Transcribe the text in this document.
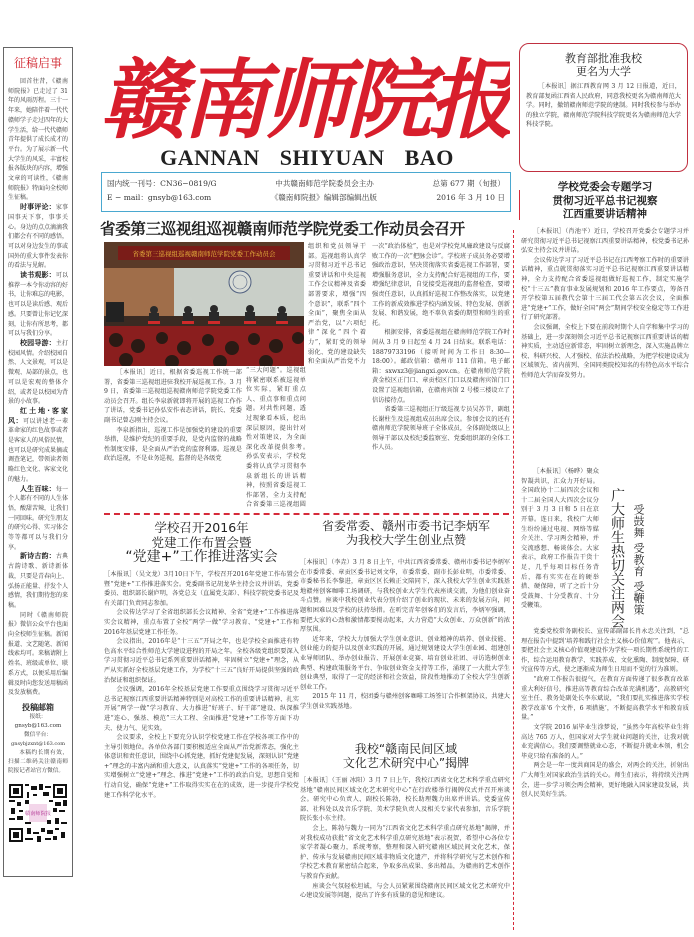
征稿启事

回首往昔，《赣南师院报》已走过了 31 年的风雨历程。三十一年来，她陪伴着一代代赣师学子走过四年的大学生活，给一代代赣师青年提供了成长成才的平台。为了展示新一代大学生的风采，丰富校报各版块的内容，增强文章的可读性，《赣南师院报》特面向全校师生征稿。

时事评论：家事国事天下事，事事关心。身边的点点滴滴我们都会有不同的感悟，可以对身边发生的事或国外的重大事件发表你的看法与见解。

读书观影：可以推荐一本令你动容的好书，让你难忘的电影，也可以是读后感、观后感。只要曾让你记忆深刻，让你有所思考，都可以与我们分享。

校园导游：主打校园风情。介绍校园自然、人文景观，可以是微观、局部的景点，也可以是宏观的整体介绍，或者是以校园为背景的小故事。

红土地·客家风：可以讲述老一辈革命家的红色故事或者是客家人的风俗民情，也可以是研究成果摘或调查笔记，带领读者领略红色文化、客家文化的魅力。

人生百味：每一个人都有不同的人生体悟，酸甜苦辣，让我们一同回味。研究生朋友的研究心得、实习体会等等都可以与我们分享。

新诗古韵：古典古韵诗歌、新诗新体裁，只要是青春向上、弘扬正能量、抒发个人感情，我们期待您的来稿。

同时《赣南师院报》微信公众平台也面向全校师生征稿。新闻报道、文艺随笔、新闻线索均可。来稿请附上姓名、班级或单位、联系方式，以便采用后编辑及时向您发送用稿函及发放稿费。

投稿邮箱
报纸：
gnsyb@163.com
微信平台：
gnsybjzxnt@163.com

本稿约长期有效，扫描二维码关注赣南师院报记者站官方微信。

赣南师院报
赣南师院报
GANNAN SHIYUAN BAO
国内统一刊号：CN36−0819/G	中共赣南师范学院委员会主办	总第 677 期（旬报）
E − mail：gnsyb@163.com	《赣南师院报》编辑部编辑出版	2016 年 3 月 10 日
省委第三巡视组巡视赣南师范学院党委工作动员会召开
省委第三巡视组巡视赣南师范学院党委工作动员会

组织和党员领导干部。巡视组将认真学习贯彻习近平总书记重要讲话和中央巡视工作会议精神及省委部署要求，增强“四个意识”，联系“四个全面”，聚焦全面从严治党，以“六项纪律”深化“四个着力”，紧盯党的领导弱化、党的建设缺失和全面从严治党不力

［本报讯］近日，根据省委巡视工作统一部署，省委第三巡视组进驻我校开展巡视工作。3 月 9 日，省委第三巡视组巡视赣南师范学院党委工作动员会召开。组长李泉新就即将开展的巡视工作作了讲话，党委书记孙弘安作表态讲话，院长、党委副书记曾志刚主持会议。

李泉新指出，巡视工作是加强党的建设的重要举措，是维护党纪的重要手段，是党内监督的战略性制度安排，是全面从严治党的监督利器。巡视是政治巡视，不是业务巡视，监督的是各级党

“三大问题”。巡视组将紧密联系被巡视单位实际，紧盯重点人、重点事和重点问题。对共性问题，透过现象看本质，挖出深层原因，提出针对性对策建议，为全面深化改革提供参考。　孙弘安表示，学校党委将认真学习贯彻李泉新组长的讲话精神，按照省委巡视工作部署，全力支持配合省委第三巡视组圆

一次“政治体检”，也是对学校党风廉政建设与反腐败工作的一次“把脉会诊”。学校班子成员务必要增强政治意识，坚决贯彻落实省委巡视工作部署，要增强服务意识，全力支持配合好巡视组的工作，要增强纪律意识，自觉接受巡视组的监督检查，要增强责任意识，认真抓好巡视工作整改落实，以党建工作的新成效推进学校内涵发展、特色发展、创新发展、和谐发展，绝不辜负省委的期望和师生的重托。

根据安排，省委巡视组在赣南师范学院工作时间从 3 月 9 日起至 4 月 24 日结束。联系电话：18879733196（接听时间为工作日 8:30—18:00）。邮政信箱：赣州市 111 信箱。电子邮箱：sxwxz3@jiangxi.gov.cn。在赣南师范学院黄金校区正门口、章贡校区门口以及赣南宾馆门口设置了巡视组信箱，在赣南宾馆 2 号楼三楼设立了信访接待点。

省委第三巡视组正厅级巡视专员吴苏节，副组长谢柱生及巡视组成员出席会议。参加会议的还有赣南师范学院领导班子全体成员，全体副处级以上领导干部以及校纪委监察室、党委组织部的全体工作人员。

学校召开2016年
党建工作布置会暨
“党建+”工作推进落实会

［本报讯］（吴文龙）3月10日下午，学校召开2016年党建工作布置会暨“党建+”工作推进落实会。党委副书记胡龙华主持会议并讲话，党委委员、组织部长谢庐明，各党总支（直属党支部）、科技学院党委书记及有关部门负责同志参加。

会议传达学习了全省组织部长会议精神、全省“党建+”工作推进落实会议精神，重点布置了全校“两学一做”学习教育、“党建+”工作和2016年基层党建工作任务。

会议指出，2016年是“十三五”开局之年，也是学校全面推进有特色高水平综合性师范大学建设进程的开局之年。全校各级党组织要深入学习贯彻习近平总书记系列重要讲话精神，牢固树立“党建+”理念，从严从实抓好全校基层党建工作，为学校“十三五”良好开局提供坚强的政治保证和组织保证。

会议强调，2016年全校基层党建工作要重点围绕学习贯彻习近平总书记视察江西重要讲话精神特别是对高校工作的重要讲话精神、扎实开展“两学一做”学习教育、大力推进“好班子、好干部”建设、纵深推进“连心、强基、模范”三大工程、全面推进“党建+”工作等方面下功夫、使力气、见实效。

会议要求，全校上下要充分认识学校党建工作在学校各项工作中的主导引领地位。各单位各部门要积极适应全面从严治党新常态，强化主体意识和责任意识，围绕中心抓党建，抓好党建促发展，深刻认识“党建+”理念的丰富内涵和重大意义，认真落实“党建+”工作的各项任务，切实增强树立“党建+”理念、推进“党建+”工作的政治自觉，思想自觉和行动自觉，确保“党建+”工作取得实实在在的成效，进一步提升学校党建工作科学化水平。

省委常委、赣州市委书记李炳军
为我校大学生创业点赞

［本报讯］（李垚）3 月 8 日上午，中共江西省委常委、赣州市委书记李炳军在市委常委、章贡区委书记刘文华，市委常委、副市长彭业明，市委常委、市委秘书长李黎进，章贡区区长赖正文陪同下，深入我校大学生创业实践基地赣州创客咖啡工场调研，与我校创业大学生代表座谈交流，为他们创业奋斗点赞。座谈中我校创业代表分别介绍了创业的现状、未来的发展方向，问题和困难以及学校的扶持举措。在听完青年创客们的发言后，李炳军强调，要把大家的心劲和激情都要搅动起来，大力营造“大众创业、万众创新”的浓厚氛围。

近年来，学校大力加强大学生创业意识、创业精神的培养、创业技能、创业能力的提升以及创业实践的开展，通过规划建设大学生创业园、组建创业导师团队、举办创业报告、开展创业竞赛、培育创业社团、寻访选树创业典型、构建政策服务平台、争取创业资金支持等工作，涌现了一大批大学生创业典型，取得了一定的经济和社会效益，阶段性地推动了全校大学生创新创业工作。

2015 年 11 月，校团委与赣州创客咖啡工场签订合作框架协议，共建大学生创业实践基地。

我校“赣南民间区域
文化艺术研究中心”揭牌

［本报讯］（王丽 冰阳）3 月 7 日上午，我校江西省文化艺术科学重点研究基地“赣南民间区域文化艺术研究中心”在行政楼举行揭牌仪式并召开座谈会。研究中心负责人、副校长陈勃，校长助理魏力出席并讲话。党委宣传部、社科处以及音乐学院、美术学院负责人及相关专家代表参加，音乐学院院长张小东主持。

会上，陈勃与魏力一同为“江西省文化艺术科学重点研究基地”揭牌，并对我校成功获批“省文化艺术科学重点研究基地”表示祝贺，希望中心各位专家学者凝心聚力，系统考察，整理和深入研究赣南区域民间文化艺术，保护、传承与发展赣南民间区域非物质文化遗产，并将科学研究与艺术创作和学校艺术教育紧密结合起来，争取多出成果、多出精品，为赣南的艺术创作与教育作贡献。

座谈会气氛轻松坦诚，与会人员紧紧围绕赣南民间区域文化艺术研究中心建设发展等问题，提出了许多有质量的意见和建议。

教育部批准我校
更名为大学

［本报讯］据江西教育网 3 月 12 日报道，近日，教育部复函江西省人民政府，同意我校更名为赣南师范大学。同时，撤销赣南师范学院的建制。同时我校参与举办的独立学院，赣南师范学院科技学院更名为赣南师范大学科技学院。

学校党委会专题学习
贯彻习近平总书记视察
江西重要讲话精神

［本报讯］（肖池平）近日，学校召开党委会专题学习并研究贯彻习近平总书记视察江西重要讲话精神，校党委书记孙弘安主持会议并讲话。

会议传达学习了习近平总书记在江西考察工作时的重要讲话精神，重点就贯彻落实习近平总书记视察江西重要讲话精神，全力支持配合省委巡视组做好巡视工作，制定实施学校“十三五”教育事业发展规划和 2016 年工作要点，筹备召开学校第五届教代会第十三届工代会第五次会议，全面推进“党建+”工作，做好全国“两会”期间学校安全稳定等工作进行了研究部署。

会议强调，全校上下要在前段时期个人自学和集中学习的基础上，进一步深刻领会习近平总书记视察江西重要讲话的精神实质，主动适应新常态，牢固树立新理念，深入实施品牌立校、科研兴校、人才强校、依法治校战略，为把学校建设成为区域领先、省内前列、全国同类院校知名的有特色高水平综合性师范大学而奋发努力。

［本报讯］（杨晔）聚众智凝共识，汇众力开好局。全国政协十二届四次会议和十二届全国人大四次会议分别于 3 月 3 日和 5 日在京开幕。连日来，我校广大师生纷纷通过电视、网络等媒介关注、学习两会精神，并交流感想、畅谈体会。大家表示，政府工作报告干货十足，几乎每项目标任务背后，都有实实在在的硬举措、硬保障，听了之后十分受鼓舞、十分受教育、十分受鞭策。	广大师生热切关注两会 受鼓舞 受教育 受鞭策

党委党校常务副校长、宣传部副部长肖永忠关注到，“总理在报告中提到‘培养和践行社会主义核心价值观’”。他表示，要把社会主义核心价值观建设作为学校一项长期性系统性的工作，综合运用教育教学、实践养成、文化熏陶、制度保障、研究宣传等方式，使之逐渐成为师生日用而不觉的行为准则。

“政府工作报告很提气，在教育方面传递了很多教育改革重大利好信号，推进高等教育综合改革充满机遇”，高教研究室主任、教务处副处长李东斌说，“我们要扎实推进落实学校教学改革‘6 个文件，6 项措施’，不断提高教学水平和教育质量。”

文学院 2016 届毕业生涂梦说，“虽然今年高校毕业生将高达 765 万人，但国家对大学生就业问题的关注，让我对就业充满信心。我们要调整就业心态，不断提升就业本领，机会毕竟只给有准备的人。”

两会是一年一度共商国是的盛会，对两会的关注，折射出广大师生对国家政治生活的关心。师生们表示，将持续关注两会，进一步学习领会两会精神，更好地融入国家建设发展，共创人民美好生活。
